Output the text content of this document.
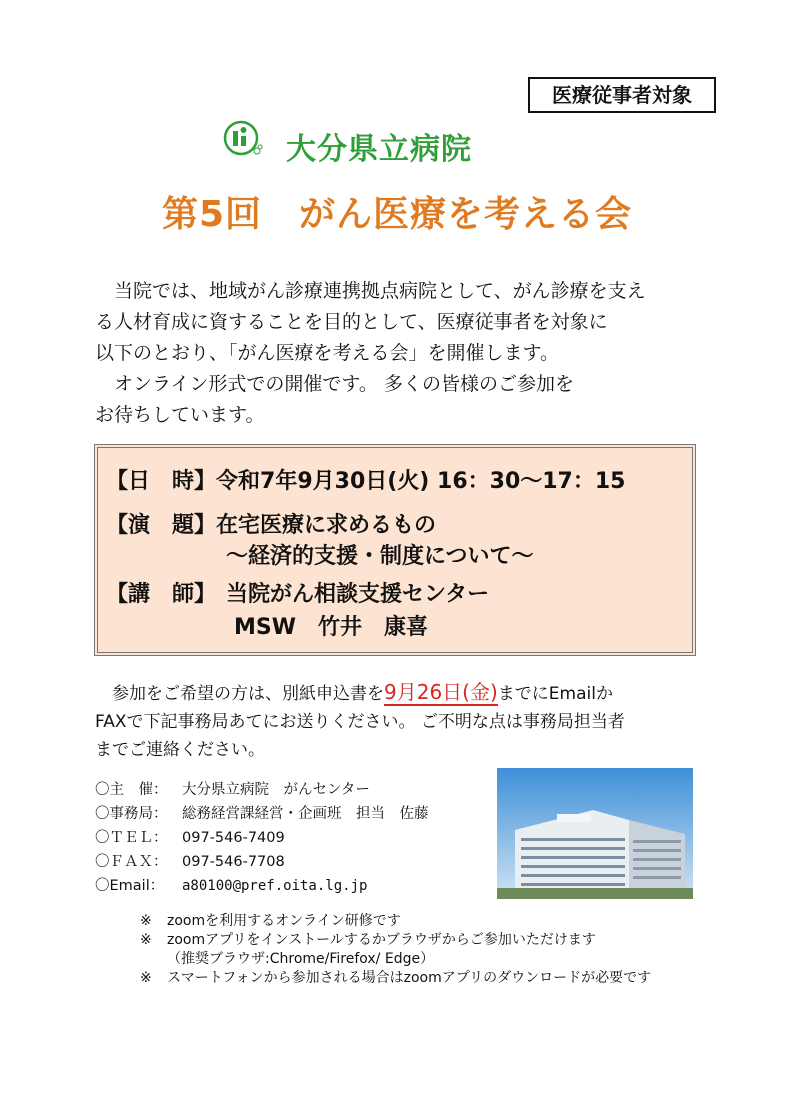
医療従事者対象
大分県立病院
第5回　がん医療を考える会

当院では、地域がん診療連携拠点病院として、がん診療を支え

る人材育成に資することを目的として、医療従事者を対象に

以下のとおり、「がん医療を考える会」を開催します。

オンライン形式での開催です。 多くの皆様のご参加を

お待ちしています。

【日　時】令和7年9月30日(火) 16：30～17：15
【演　題】在宅医療に求めるもの
～経済的支援・制度について～
【講　師】 当院がん相談支援センター
MSW　竹井　康喜

参加をご希望の方は、別紙申込書を9月26日(金)までにEmailか

FAXで下記事務局あてにお送りください。 ご不明な点は事務局担当者

までご連絡ください。

〇主　催： 大分県立病院　がんセンター
〇事務局： 総務経営課経営・企画班　担当　佐藤
〇ＴＥＬ： 097-546-7409
〇ＦＡＸ： 097-546-7708
〇Email： a80100@pref.oita.lg.jp
※ zoomを利用するオンライン研修です
※ zoomアプリをインストールするかブラウザからご参加いただけます
（推奨ブラウザ:Chrome/Firefox/ Edge）
※ スマートフォンから参加される場合はzoomアプリのダウンロードが必要です
